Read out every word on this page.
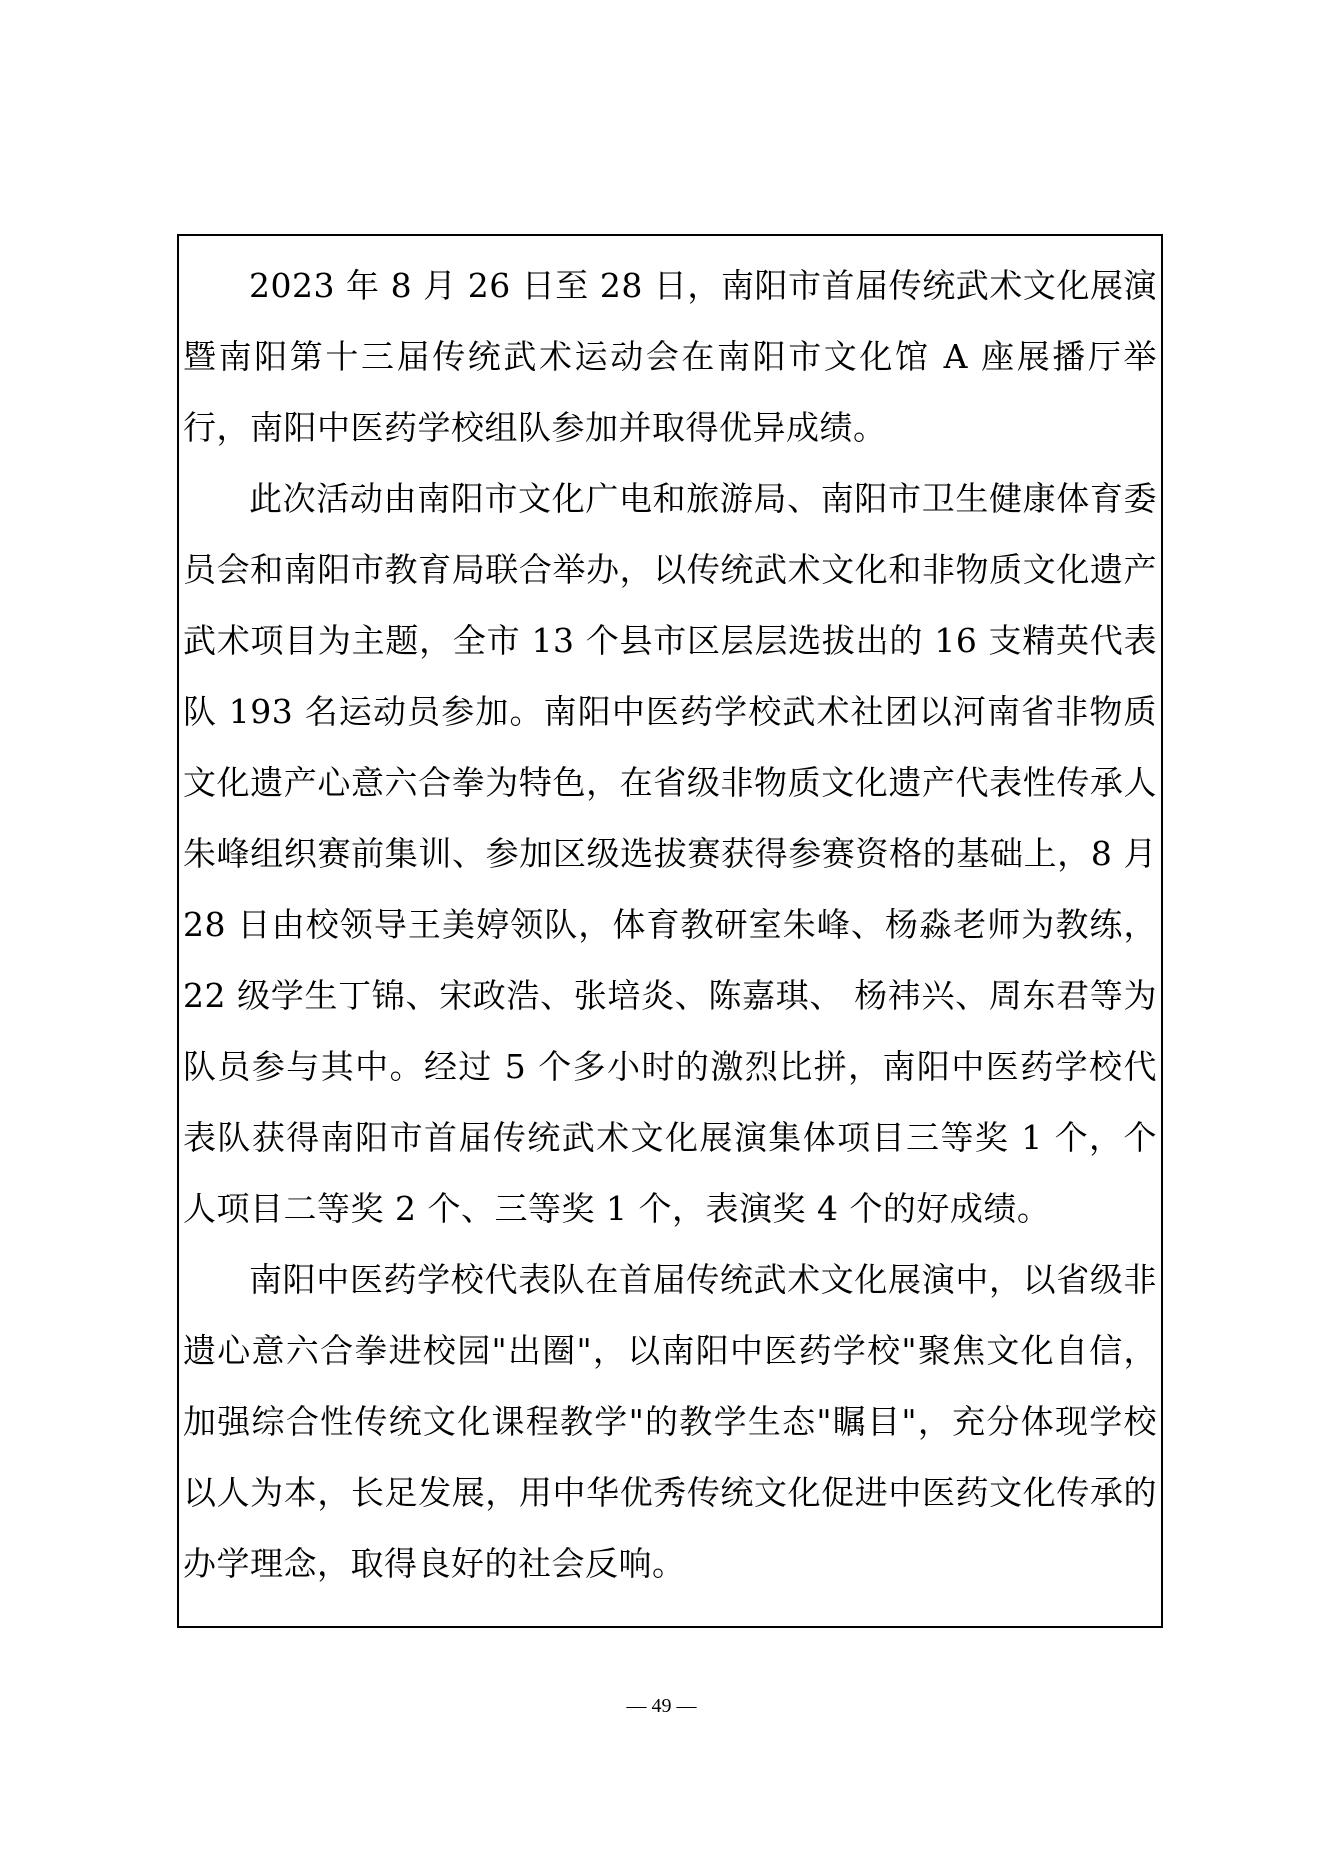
2023 年 8 月 26 日至 28 日，南阳市首届传统武术文化展演暨南阳第十三届传统武术运动会在南阳市文化馆 A 座展播厅举行，南阳中医药学校组队参加并取得优异成绩。

此次活动由南阳市文化广电和旅游局、南阳市卫生健康体育委员会和南阳市教育局联合举办，以传统武术文化和非物质文化遗产武术项目为主题，全市 13 个县市区层层选拔出的 16 支精英代表队 193 名运动员参加。南阳中医药学校武术社团以河南省非物质文化遗产心意六合拳为特色，在省级非物质文化遗产代表性传承人朱峰组织赛前集训、参加区级选拔赛获得参赛资格的基础上，8 月 28 日由校领导王美婷领队，体育教研室朱峰、杨淼老师为教练，22 级学生丁锦、宋政浩、张培炎、陈嘉琪、 杨祎兴、周东君等为队员参与其中。经过 5 个多小时的激烈比拼，南阳中医药学校代表队获得南阳市首届传统武术文化展演集体项目三等奖 1 个，个人项目二等奖 2 个、三等奖 1 个，表演奖 4 个的好成绩。

南阳中医药学校代表队在首届传统武术文化展演中，以省级非遗心意六合拳进校园"出圈"，以南阳中医药学校"聚焦文化自信，加强综合性传统文化课程教学"的教学生态"瞩目"，充分体现学校以人为本，长足发展，用中华优秀传统文化促进中医药文化传承的办学理念，取得良好的社会反响。

— 49 —
